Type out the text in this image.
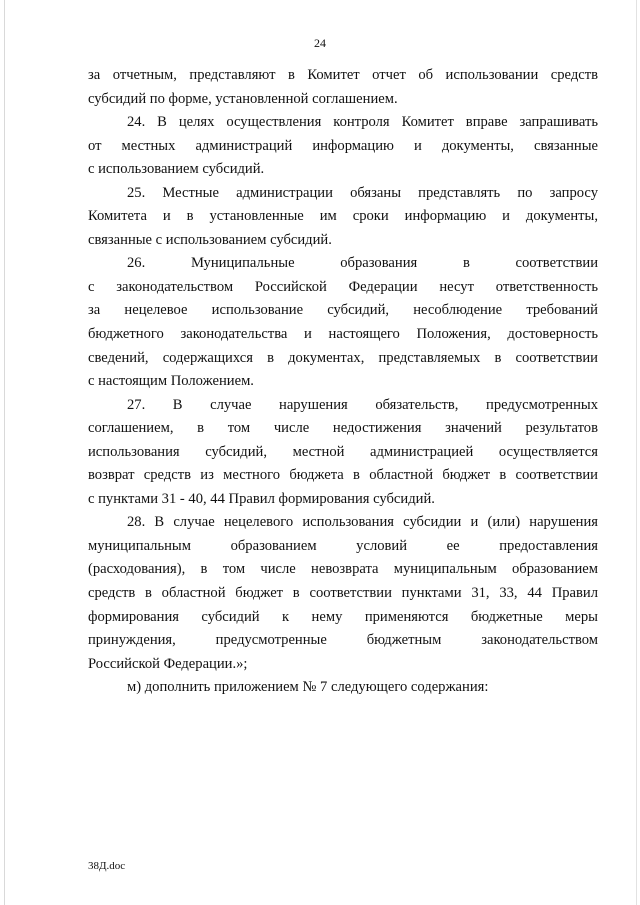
24

за отчетным, представляют в Комитет отчет об использовании средств
субсидий по форме, установленной соглашением.

24. В целях осуществления контроля Комитет вправе запрашивать
от местных администраций информацию и документы, связанные
с использованием субсидий.

25. Местные администрации обязаны представлять по запросу
Комитета и в установленные им сроки информацию и документы,
связанные с использованием субсидий.

26. Муниципальные образования в соответствии
с законодательством Российской Федерации несут ответственность
за нецелевое использование субсидий, несоблюдение требований
бюджетного законодательства и настоящего Положения, достоверность
сведений, содержащихся в документах, представляемых в соответствии
с настоящим Положением.

27. В случае нарушения обязательств, предусмотренных
соглашением, в том числе недостижения значений результатов
использования субсидий, местной администрацией осуществляется
возврат средств из местного бюджета в областной бюджет в соответствии
с пунктами 31 - 40, 44 Правил формирования субсидий.

28. В случае нецелевого использования субсидии и (или) нарушения
муниципальным образованием условий ее предоставления
(расходования), в том числе невозврата муниципальным образованием
средств в областной бюджет в соответствии пунктами 31, 33, 44 Правил
формирования субсидий к нему применяются бюджетные меры
принуждения, предусмотренные бюджетным законодательством
Российской Федерации.»;

м) дополнить приложением № 7 следующего содержания:

38Д.doc
